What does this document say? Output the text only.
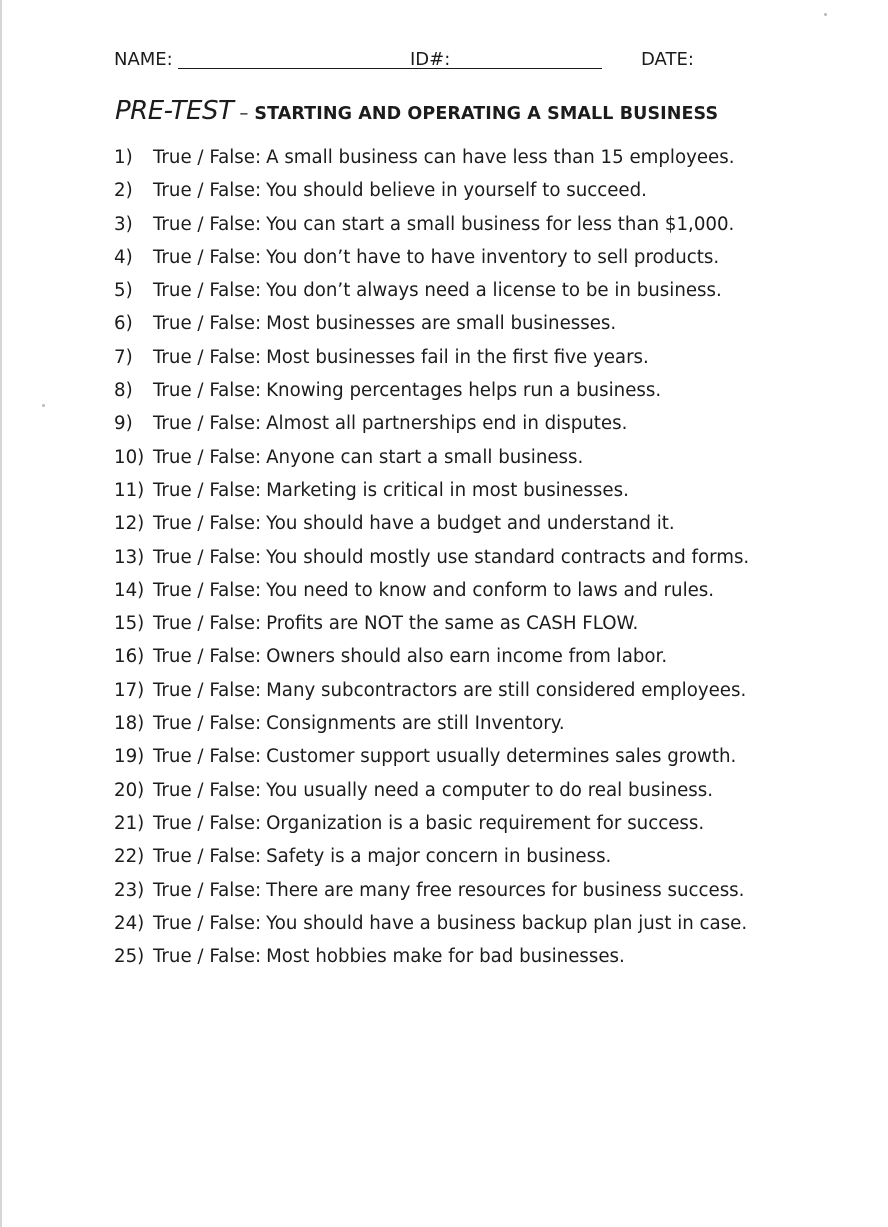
NAME:	ID#:	DATE:
PRE-TEST – STARTING AND OPERATING A SMALL BUSINESS
1) True / False: A small business can have less than 15 employees.
2) True / False: You should believe in yourself to succeed.
3) True / False: You can start a small business for less than $1,000.
4) True / False: You don’t have to have inventory to sell products.
5) True / False: You don’t always need a license to be in business.
6) True / False: Most businesses are small businesses.
7) True / False: Most businesses fail in the first five years.
8) True / False: Knowing percentages helps run a business.
9) True / False: Almost all partnerships end in disputes.
10) True / False: Anyone can start a small business.
11) True / False: Marketing is critical in most businesses.
12) True / False: You should have a budget and understand it.
13) True / False: You should mostly use standard contracts and forms.
14) True / False: You need to know and conform to laws and rules.
15) True / False: Profits are NOT the same as CASH FLOW.
16) True / False: Owners should also earn income from labor.
17) True / False: Many subcontractors are still considered employees.
18) True / False: Consignments are still Inventory.
19) True / False: Customer support usually determines sales growth.
20) True / False: You usually need a computer to do real business.
21) True / False: Organization is a basic requirement for success.
22) True / False: Safety is a major concern in business.
23) True / False: There are many free resources for business success.
24) True / False: You should have a business backup plan just in case.
25) True / False: Most hobbies make for bad businesses.
